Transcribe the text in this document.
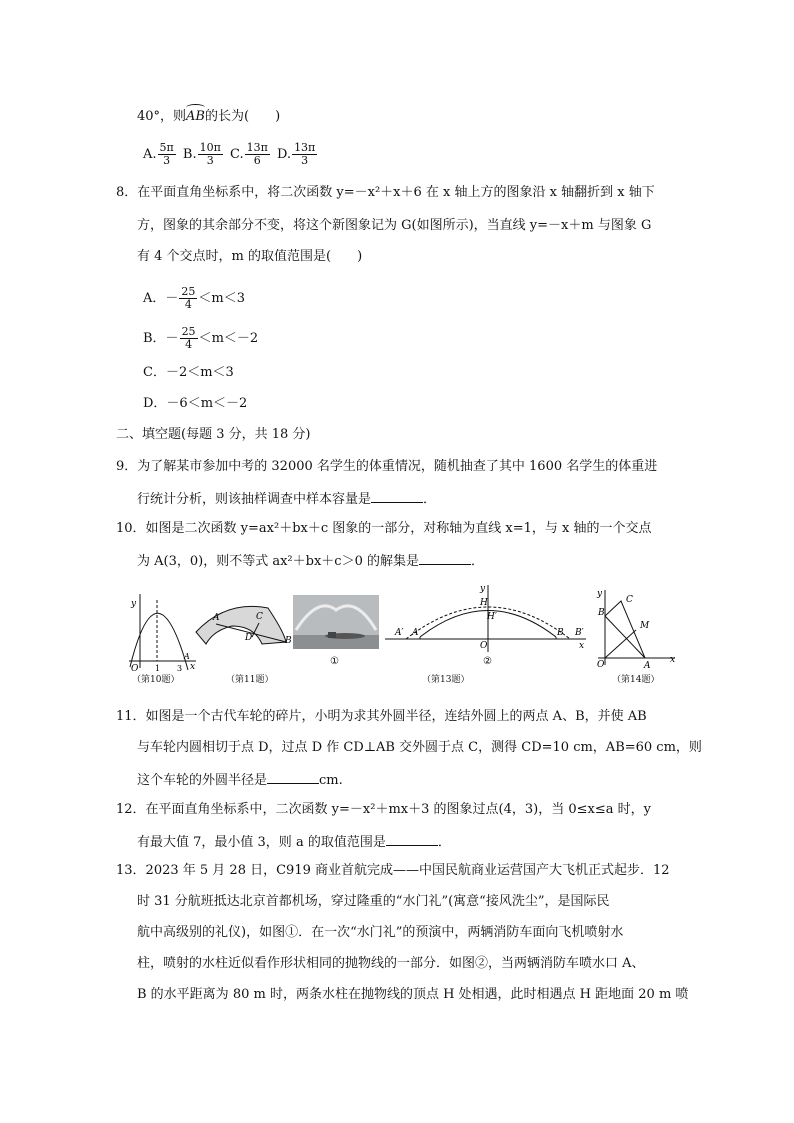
40°，则
AB的长为(　　)
A. $\frac{5\pi}{3} B$. $\frac{10\pi}{3} C$. $\frac{13\pi}{6} D$. $\frac{13\pi}{3}$
8．在平面直角坐标系中，将二次函数 y=－x²＋x＋6 在 x 轴上方的图象沿 x 轴翻折到 x 轴下
方，图象的其余部分不变，将这个新图象记为 G(如图所示)，当直线 y=－x＋m 与图象 G
有 4 个交点时，m 的取值范围是(　　)
A．－ $\frac{25}{4} <m<3$
B．－ $\frac{25}{4} <m<-2$
C．－2＜m＜3
D．－6＜m＜－2
二、填空题(每题 3 分，共 18 分)
9．为了解某市参加中考的 32000 名学生的体重情况，随机抽查了其中 1600 名学生的体重进
行统计分析，则该抽样调查中样本容量是	．
10．如图是二次函数 y=ax²＋bx＋c 图象的一部分，对称轴为直线 x=1，与 x 轴的一个交点
为 A(3，0)，则不等式 ax²＋bx＋c＞0 的解集是	．
y
x
O 1 3
A
A	C
D	B
y
x
O
H
H′
A′ A	B B′
②
①
y
x
O
B
C
M
A
（第10题）	（第11题）	（第13题）	（第14题）
11．如图是一个古代车轮的碎片，小明为求其外圆半径，连结外圆上的两点 A、B，并使 AB
与车轮内圆相切于点 D，过点 D 作 CD⊥AB 交外圆于点 C，测得 CD=10 cm，AB=60 cm，则
这个车轮的外圆半径是	cm.
12．在平面直角坐标系中，二次函数 y=－x²＋mx＋3 的图象过点(4，3)，当 0≤x≤a 时，y
有最大值 7，最小值 3，则 a 的取值范围是	．
13．2023 年 5 月 28 日，C919 商业首航完成——中国民航商业运营国产大飞机正式起步．12
时 31 分航班抵达北京首都机场，穿过隆重的“水门礼”(寓意“接风洗尘”，是国际民
航中高级别的礼仪)，如图①．在一次“水门礼”的预演中，两辆消防车面向飞机喷射水
柱，喷射的水柱近似看作形状相同的抛物线的一部分．如图②，当两辆消防车喷水口 A、
B 的水平距离为 80 m 时，两条水柱在抛物线的顶点 H 处相遇，此时相遇点 H 距地面 20 m 喷
